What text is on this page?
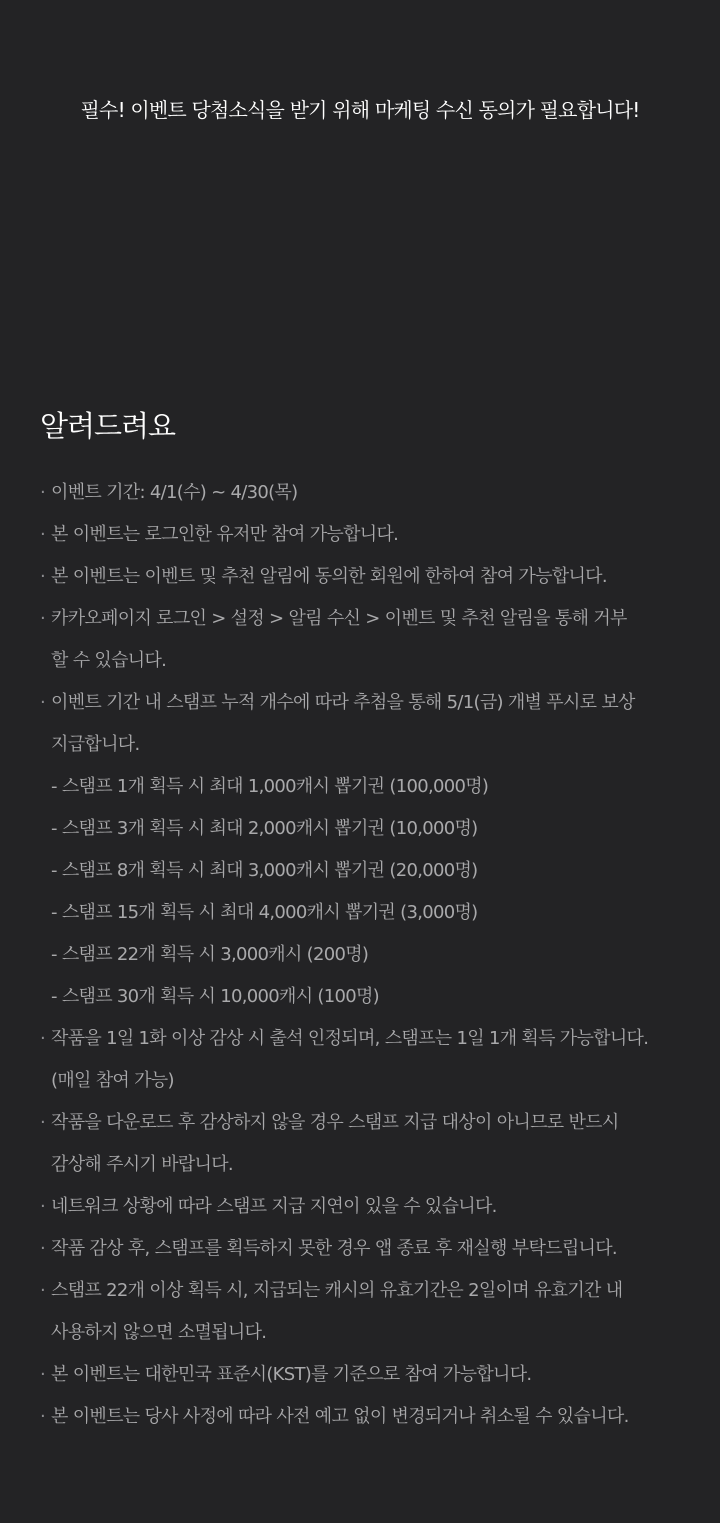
필수! 이벤트 당첨소식을 받기 위해 마케팅 수신 동의가 필요합니다!
알려드려요
· 이벤트 기간: 4/1(수) ~ 4/30(목)
· 본 이벤트는 로그인한 유저만 참여 가능합니다.
· 본 이벤트는 이벤트 및 추천 알림에 동의한 회원에 한하여 참여 가능합니다.
· 카카오페이지 로그인 > 설정 > 알림 수신 > 이벤트 및 추천 알림을 통해 거부
할 수 있습니다.
· 이벤트 기간 내 스탬프 누적 개수에 따라 추첨을 통해 5/1(금) 개별 푸시로 보상
지급합니다.
- 스탬프 1개 획득 시 최대 1,000캐시 뽑기권 (100,000명)
- 스탬프 3개 획득 시 최대 2,000캐시 뽑기권 (10,000명)
- 스탬프 8개 획득 시 최대 3,000캐시 뽑기권 (20,000명)
- 스탬프 15개 획득 시 최대 4,000캐시 뽑기권 (3,000명)
- 스탬프 22개 획득 시 3,000캐시 (200명)
- 스탬프 30개 획득 시 10,000캐시 (100명)
· 작품을 1일 1화 이상 감상 시 출석 인정되며, 스탬프는 1일 1개 획득 가능합니다.
(매일 참여 가능)
· 작품을 다운로드 후 감상하지 않을 경우 스탬프 지급 대상이 아니므로 반드시
감상해 주시기 바랍니다.
· 네트워크 상황에 따라 스탬프 지급 지연이 있을 수 있습니다.
· 작품 감상 후, 스탬프를 획득하지 못한 경우 앱 종료 후 재실행 부탁드립니다.
· 스탬프 22개 이상 획득 시, 지급되는 캐시의 유효기간은 2일이며 유효기간 내
사용하지 않으면 소멸됩니다.
· 본 이벤트는 대한민국 표준시(KST)를 기준으로 참여 가능합니다.
· 본 이벤트는 당사 사정에 따라 사전 예고 없이 변경되거나 취소될 수 있습니다.
